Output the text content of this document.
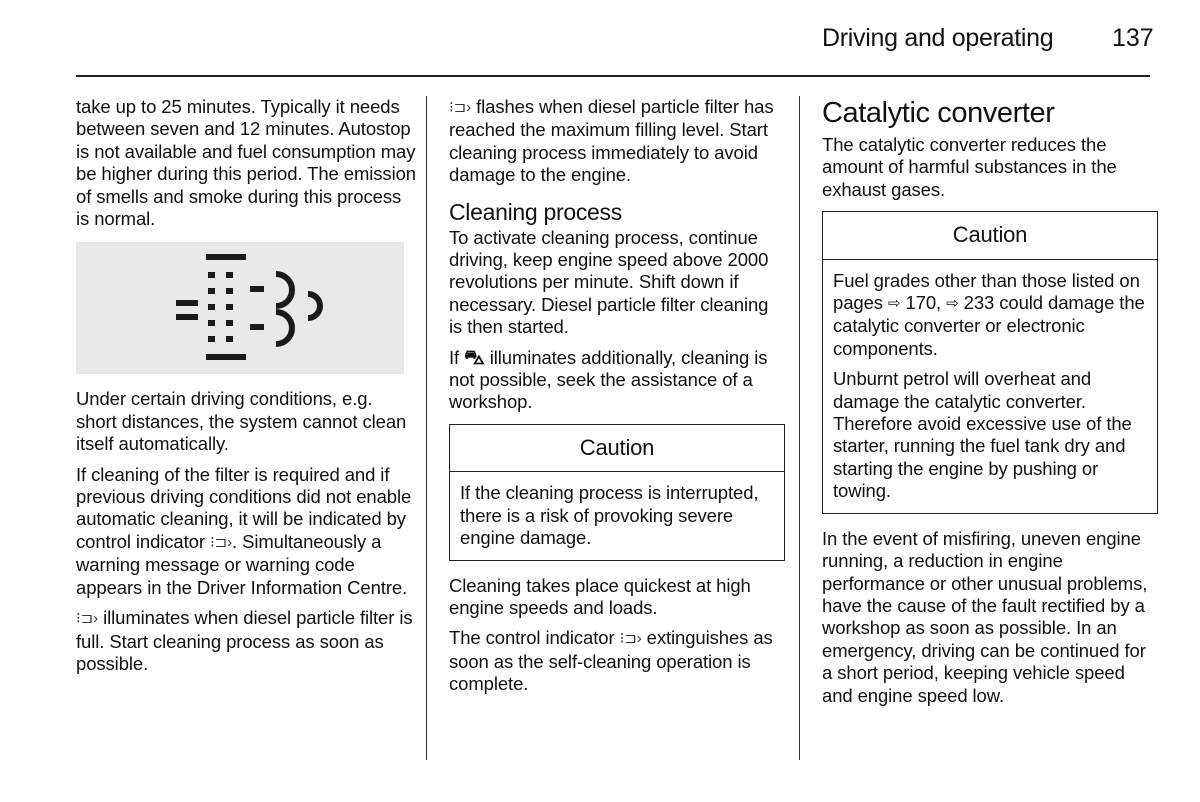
Driving and operating 137

take up to 25 minutes. Typically it needs between seven and 12 minutes. Autostop is not available and fuel consumption may be higher during this period. The emission of smells and smoke during this process is normal.

Under certain driving conditions, e.g. short distances, the system cannot clean itself automatically.

If cleaning of the filter is required and if previous driving conditions did not enable automatic cleaning, it will be indicated by control indicator ⁝⊐›. Simultaneously a warning message or warning code appears in the Driver Information Centre.

⁝⊐› illuminates when diesel particle filter is full. Start cleaning process as soon as possible.

⁝⊐› flashes when diesel particle filter has reached the maximum filling level. Start cleaning process immediately to avoid damage to the engine.

Cleaning process

To activate cleaning process, continue driving, keep engine speed above 2000 revolutions per minute. Shift down if necessary. Diesel particle filter cleaning is then started.

If ⛍ illuminates additionally, cleaning is not possible, seek the assistance of a workshop.

Caution

If the cleaning process is interrupted, there is a risk of provoking severe engine damage.

Cleaning takes place quickest at high engine speeds and loads.

The control indicator ⁝⊐› extinguishes as soon as the self-cleaning operation is complete.

Catalytic converter

The catalytic converter reduces the amount of harmful substances in the exhaust gases.

Caution

Fuel grades other than those listed on pages ⇨ 170, ⇨ 233 could damage the catalytic converter or electronic components.

Unburnt petrol will overheat and damage the catalytic converter. Therefore avoid excessive use of the starter, running the fuel tank dry and starting the engine by pushing or towing.

In the event of misfiring, uneven engine running, a reduction in engine performance or other unusual problems, have the cause of the fault rectified by a workshop as soon as possible. In an emergency, driving can be continued for a short period, keeping vehicle speed and engine speed low.
